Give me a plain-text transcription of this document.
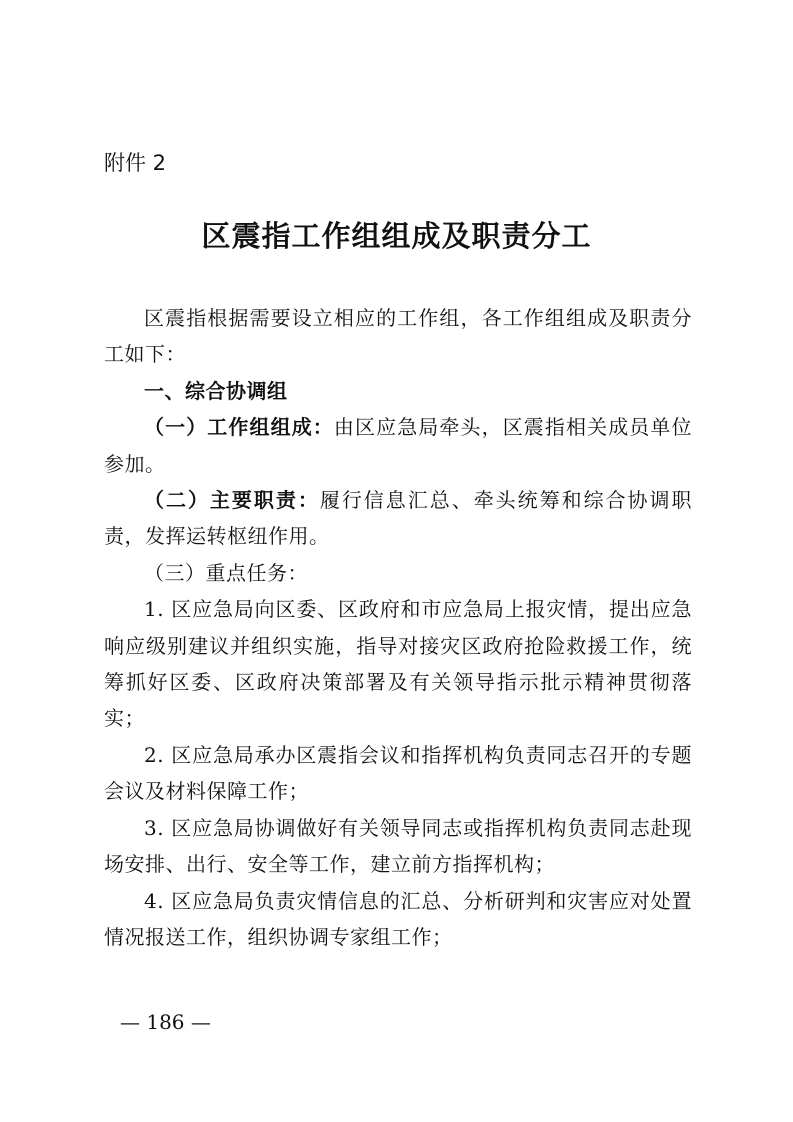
附件 2
区震指工作组组成及职责分工

区震指根据需要设立相应的工作组，各工作组组成及职责分工如下：

一、综合协调组

（一）工作组组成：由区应急局牵头，区震指相关成员单位参加。

（二）主要职责：履行信息汇总、牵头统筹和综合协调职责，发挥运转枢纽作用。

（三）重点任务：

1. 区应急局向区委、区政府和市应急局上报灾情，提出应急响应级别建议并组织实施，指导对接灾区政府抢险救援工作，统筹抓好区委、区政府决策部署及有关领导指示批示精神贯彻落实；

2. 区应急局承办区震指会议和指挥机构负责同志召开的专题会议及材料保障工作；

3. 区应急局协调做好有关领导同志或指挥机构负责同志赴现场安排、出行、安全等工作，建立前方指挥机构；

4. 区应急局负责灾情信息的汇总、分析研判和灾害应对处置情况报送工作，组织协调专家组工作；

— 186 —
